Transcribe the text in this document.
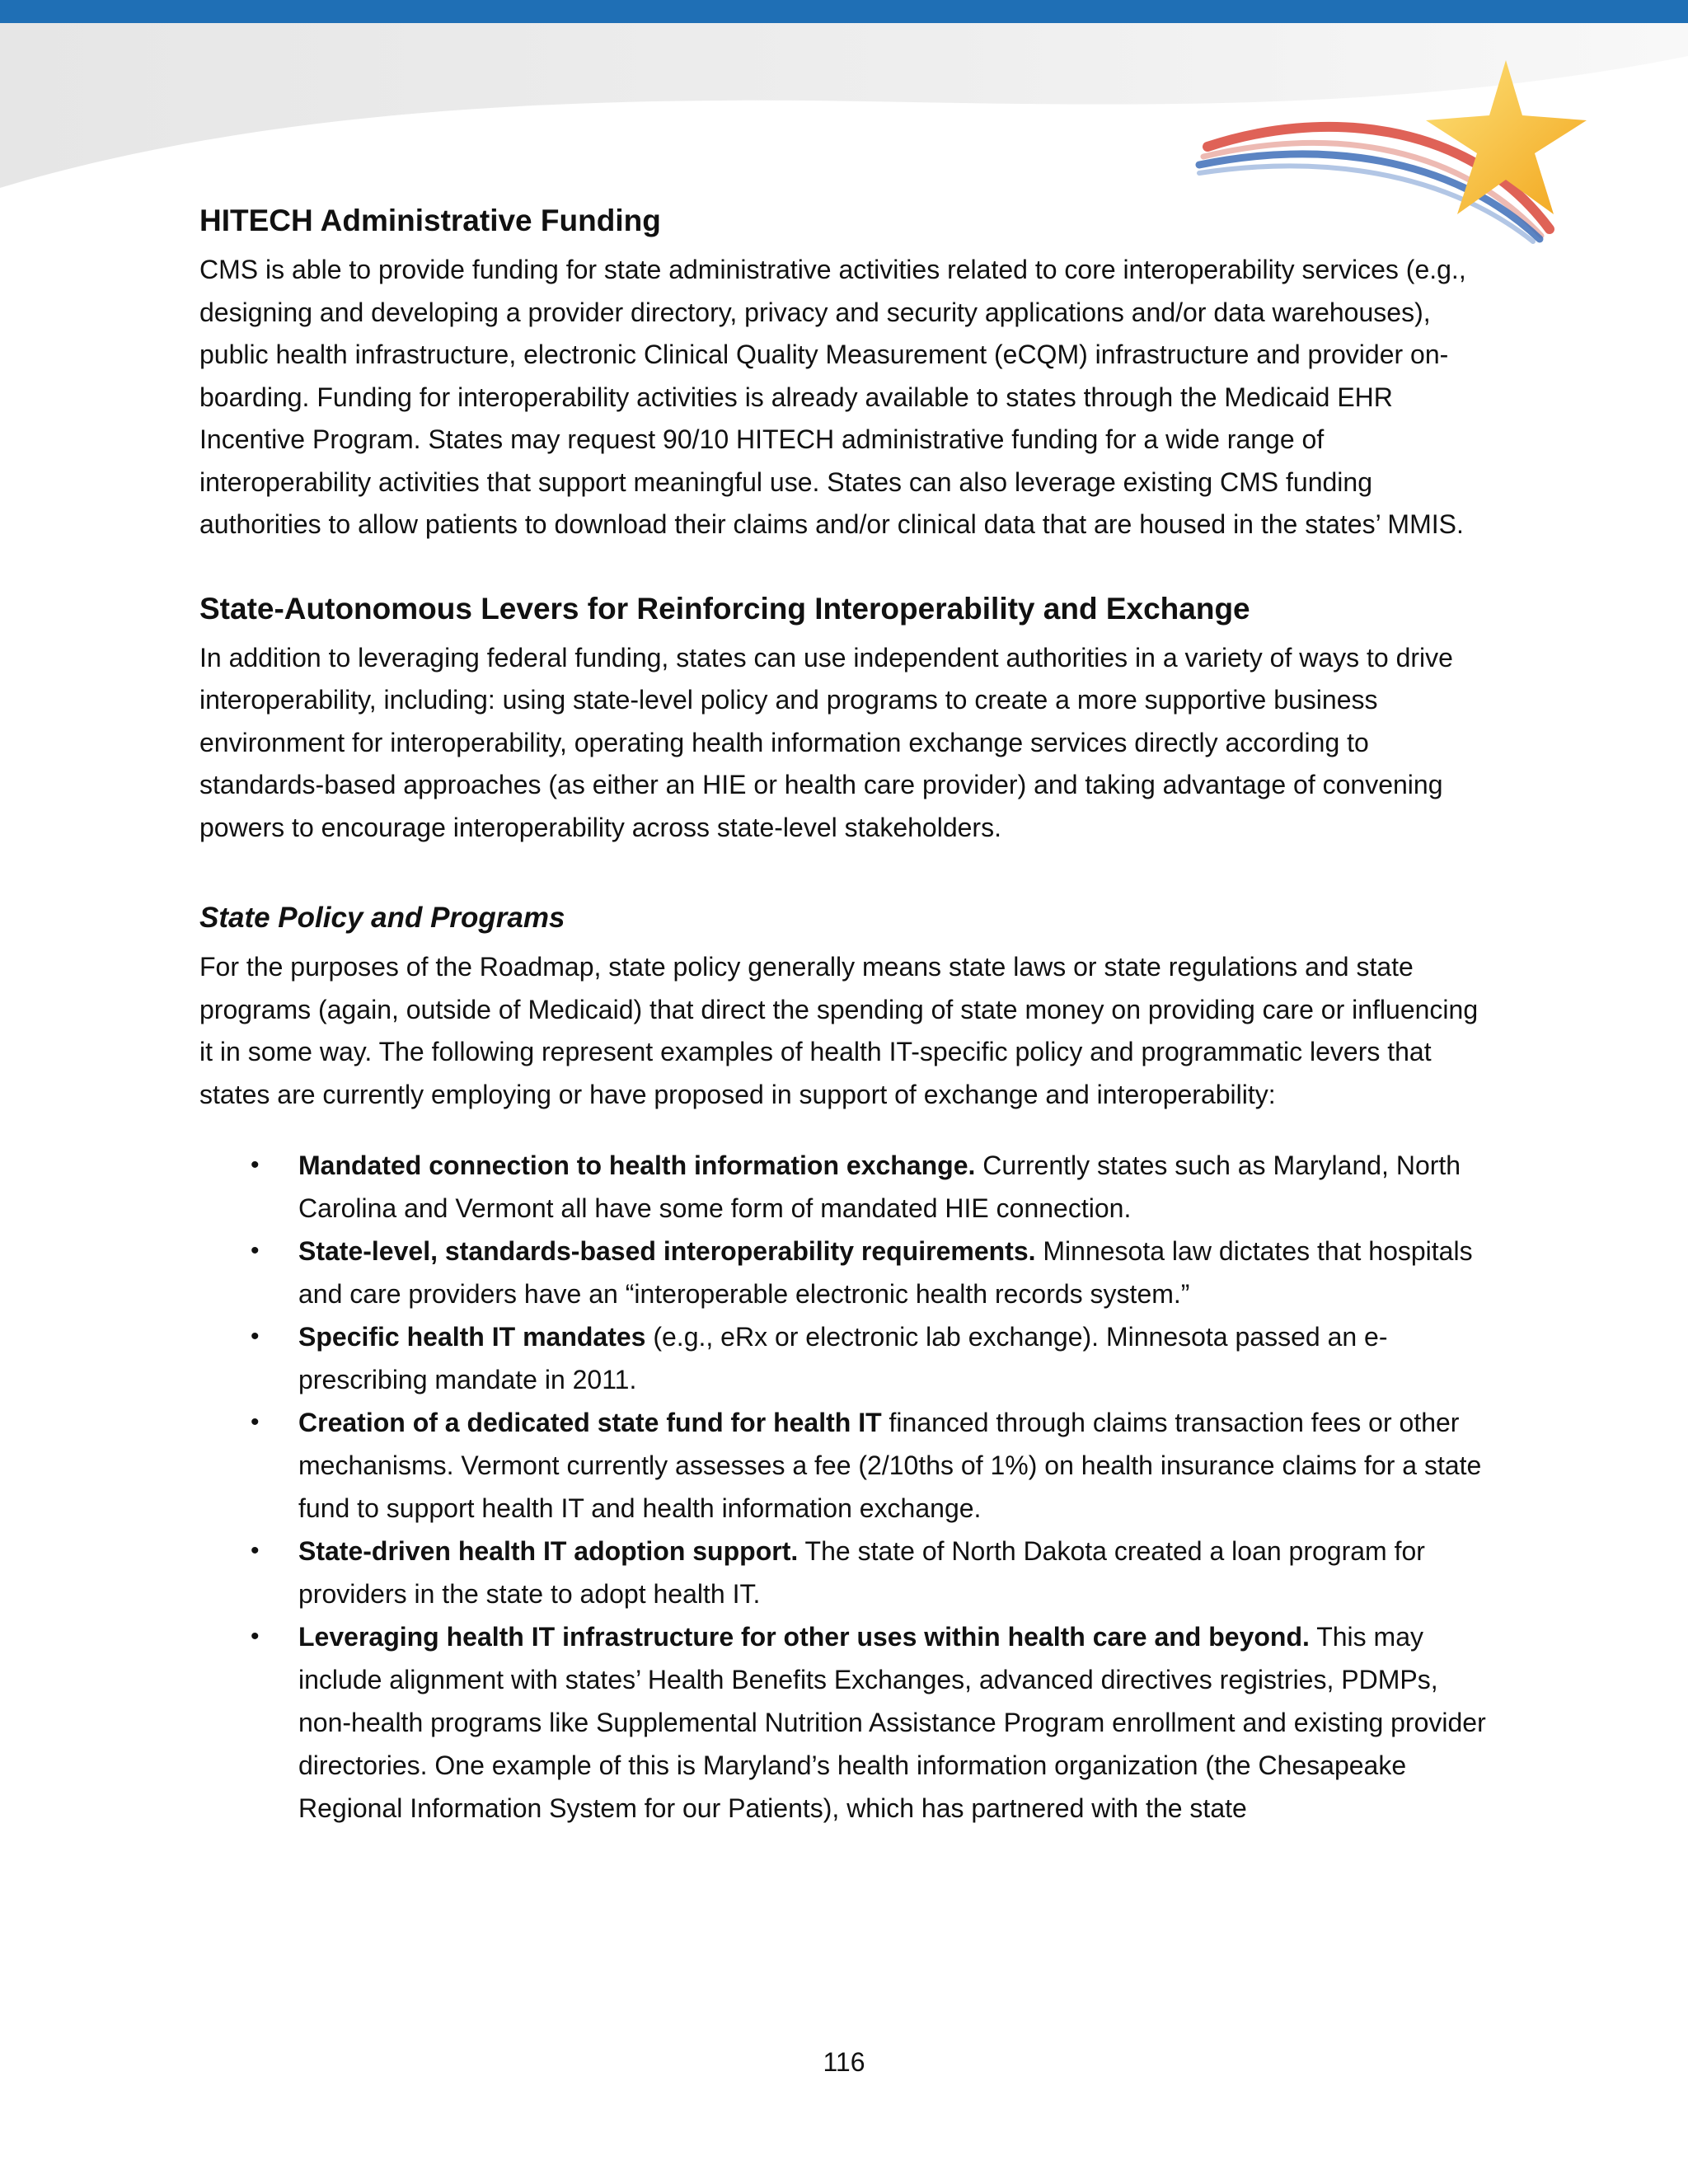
HITECH Administrative Funding

CMS is able to provide funding for state administrative activities related to core interoperability services (e.g., designing and developing a provider directory, privacy and security applications and/or data warehouses), public health infrastructure, electronic Clinical Quality Measurement (eCQM) infrastructure and provider on-boarding. Funding for interoperability activities is already available to states through the Medicaid EHR Incentive Program. States may request 90/10 HITECH administrative funding for a wide range of interoperability activities that support meaningful use. States can also leverage existing CMS funding authorities to allow patients to download their claims and/or clinical data that are housed in the states’ MMIS.

State-Autonomous Levers for Reinforcing Interoperability and Exchange

In addition to leveraging federal funding, states can use independent authorities in a variety of ways to drive interoperability, including: using state-level policy and programs to create a more supportive business environment for interoperability, operating health information exchange services directly according to standards-based approaches (as either an HIE or health care provider) and taking advantage of convening powers to encourage interoperability across state-level stakeholders.

State Policy and Programs

For the purposes of the Roadmap, state policy generally means state laws or state regulations and state programs (again, outside of Medicaid) that direct the spending of state money on providing care or influencing it in some way. The following represent examples of health IT-specific policy and programmatic levers that states are currently employing or have proposed in support of exchange and interoperability:

• Mandated connection to health information exchange. Currently states such as Maryland, North Carolina and Vermont all have some form of mandated HIE connection.
• State-level, standards-based interoperability requirements. Minnesota law dictates that hospitals and care providers have an “interoperable electronic health records system.”
• Specific health IT mandates (e.g., eRx or electronic lab exchange). Minnesota passed an e-prescribing mandate in 2011.
• Creation of a dedicated state fund for health IT financed through claims transaction fees or other mechanisms. Vermont currently assesses a fee (2/10ths of 1%) on health insurance claims for a state fund to support health IT and health information exchange.
• State-driven health IT adoption support. The state of North Dakota created a loan program for providers in the state to adopt health IT.
• Leveraging health IT infrastructure for other uses within health care and beyond. This may include alignment with states’ Health Benefits Exchanges, advanced directives registries, PDMPs, non-health programs like Supplemental Nutrition Assistance Program enrollment and existing provider directories. One example of this is Maryland’s health information organization (the Chesapeake Regional Information System for our Patients), which has partnered with the state
116
